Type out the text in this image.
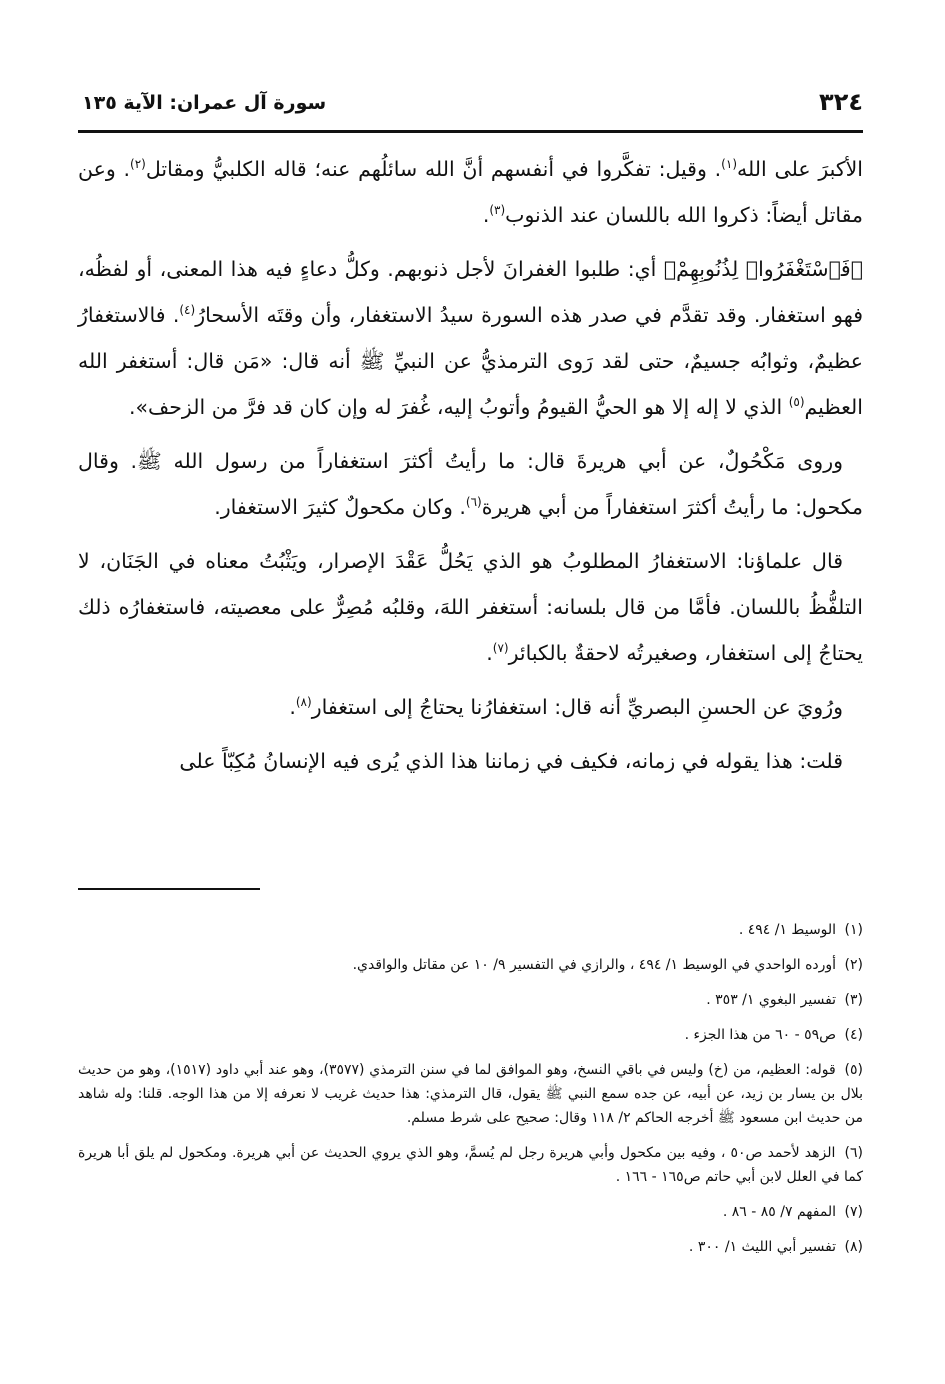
٣٢٤
سورة آل عمران: الآية ١٣٥

الأكبرَ على الله$^{(١)}$. وقيل: تفكَّروا في أنفسهم أنَّ الله سائلُهم عنه؛ قاله الكلبيُّ ومقاتل$^{(٢)}$. وعن مقاتل أيضاً: ذكروا الله باللسان عند الذنوب$^{(٣)}$.

﴿فَٱسْتَغْفَرُوا۟ لِذُنُوبِهِمْ﴾ أي: طلبوا الغفرانَ لأجل ذنوبهم. وكلُّ دعاءٍ فيه هذا المعنى، أو لفظُه، فهو استغفار. وقد تقدَّم في صدر هذه السورة سيدُ الاستغفار، وأن وقتَه الأسحارُ$^{(٤)}$. فالاستغفارُ عظيمٌ، وثوابُه جسيمٌ، حتى لقد رَوى الترمذيُّ عن النبيِّ ﷺ أنه قال: «مَن قال: أستغفر الله العظيم$^{(٥)}$ الذي لا إله إلا هو الحيُّ القيومُ وأتوبُ إليه، غُفرَ له وإن كان قد فرَّ من الزحف».

وروى مَكْحُولٌ، عن أبي هريرةَ قال: ما رأيتُ أكثرَ استغفاراً من رسول الله ﷺ. وقال مكحول: ما رأيتُ أكثرَ استغفاراً من أبي هريرة$^{(٦)}$. وكان مكحولٌ كثيرَ الاستغفار.

قال علماؤنا: الاستغفارُ المطلوبُ هو الذي يَحُلُّ عَقْدَ الإصرار، ويَثْبُتُ معناه في الجَنَان، لا التلفُّظُ باللسان. فأمَّا من قال بلسانه: أستغفر اللهَ، وقلبُه مُصِرٌّ على معصيته، فاستغفارُه ذلك يحتاجُ إلى استغفار، وصغيرتُه لاحقةٌ بالكبائر$^{(٧)}$.

ورُويَ عن الحسنِ البصريِّ أنه قال: استغفارُنا يحتاجُ إلى استغفار$^{(٨)}$.

قلت: هذا يقوله في زمانه، فكيف في زماننا هذا الذي يُرى فيه الإنسانُ مُكِبّاً على

(١) الوسيط ١/ ٤٩٤ .
(٢) أورده الواحدي في الوسيط ١/ ٤٩٤ ، والرازي في التفسير ٩/ ١٠ عن مقاتل والواقدي.
(٣) تفسير البغوي ١/ ٣٥٣ .
(٤) ص٥٩ - ٦٠ من هذا الجزء .
(٥) قوله: العظيم، من (خ) وليس في باقي النسخ، وهو الموافق لما في سنن الترمذي (٣٥٧٧)، وهو عند أبي داود (١٥١٧)، وهو من حديث بلال بن يسار بن زيد، عن أبيه، عن جده سمع النبي ﷺ يقول، قال الترمذي: هذا حديث غريب لا نعرفه إلا من هذا الوجه. قلنا: وله شاهد من حديث ابن مسعود ﷺ أخرجه الحاكم ٢/ ١١٨ وقال: صحيح على شرط مسلم.
(٦) الزهد لأحمد ص٥٠ ، وفيه بين مكحول وأبي هريرة رجل لم يُسمَّ، وهو الذي يروي الحديث عن أبي هريرة. ومكحول لم يلق أبا هريرة كما في العلل لابن أبي حاتم ص١٦٥ - ١٦٦ .
(٧) المفهم ٧/ ٨٥ - ٨٦ .
(٨) تفسير أبي الليث ١/ ٣٠٠ .
